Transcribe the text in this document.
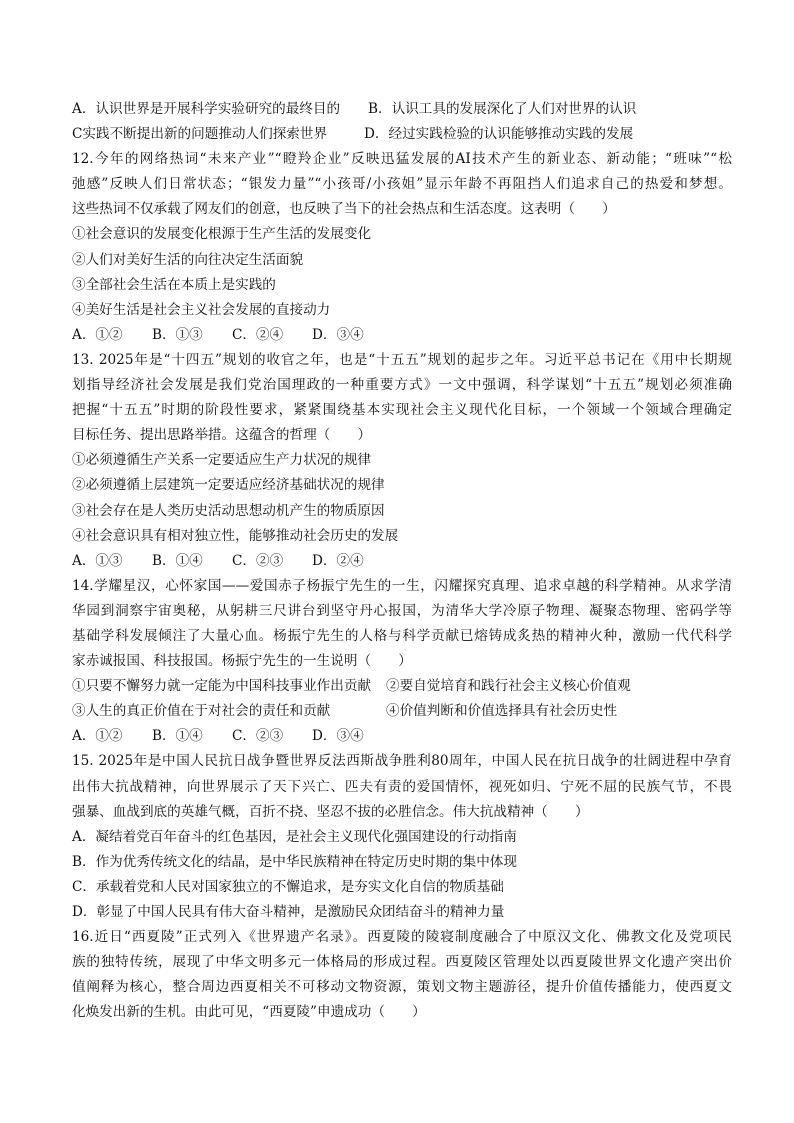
A．认识世界是开展科学实验研究的最终目的	B．认识工具的发展深化了人们对世界的认识
C实践不断提出新的问题推动人们探索世界	D．经过实践检验的认识能够推动实践的发展
12.今年的网络热词“未来产业”“瞪羚企业”反映迅猛发展的AI技术产生的新业态、新动能；“班味”“松
弛感”反映人们日常状态；“银发力量”“小孩哥/小孩姐”显示年龄不再阻挡人们追求自己的热爱和梦想。
这些热词不仅承载了网友们的创意，也反映了当下的社会热点和生活态度。这表明（　　）
①社会意识的发展变化根源于生产生活的发展变化
②人们对美好生活的向往决定生活面貌
③全部社会生活在本质上是实践的
④美好生活是社会主义社会发展的直接动力
A．①②	B．①③	C．②④	D．③④
13. 2025年是“十四五”规划的收官之年，也是“十五五”规划的起步之年。习近平总书记在《用中长期规
划指导经济社会发展是我们党治国理政的一种重要方式》一文中强调，科学谋划“十五五”规划必须准确
把握“十五五”时期的阶段性要求，紧紧围绕基本实现社会主义现代化目标，一个领域一个领域合理确定
目标任务、提出思路举措。这蕴含的哲理（　　）
①必须遵循生产关系一定要适应生产力状况的规律
②必须遵循上层建筑一定要适应经济基础状况的规律
③社会存在是人类历史活动思想动机产生的物质原因
④社会意识具有相对独立性，能够推动社会历史的发展
A．①③	B．①④	C．②③	D．②④
14.学耀星汉，心怀家国——爱国赤子杨振宁先生的一生，闪耀探究真理、追求卓越的科学精神。从求学清
华园到洞察宇宙奥秘，从躬耕三尺讲台到坚守丹心报国，为清华大学冷原子物理、凝聚态物理、密码学等
基础学科发展倾注了大量心血。杨振宁先生的人格与科学贡献已熔铸成炙热的精神火种，激励一代代科学
家赤诚报国、科技报国。杨振宁先生的一生说明（　　）
①只要不懈努力就一定能为中国科技事业作出贡献	②要自觉培育和践行社会主义核心价值观
③人生的真正价值在于对社会的责任和贡献	④价值判断和价值选择具有社会历史性
A．①②	B．①④	C．②③	D．③④
15. 2025年是中国人民抗日战争暨世界反法西斯战争胜利80周年，中国人民在抗日战争的壮阔进程中孕育
出伟大抗战精神，向世界展示了天下兴亡、匹夫有责的爱国情怀，视死如归、宁死不屈的民族气节，不畏
强暴、血战到底的英雄气概，百折不挠、坚忍不拔的必胜信念。伟大抗战精神（　　）
A．凝结着党百年奋斗的红色基因，是社会主义现代化强国建设的行动指南
B．作为优秀传统文化的结晶，是中华民族精神在特定历史时期的集中体现
C．承载着党和人民对国家独立的不懈追求，是夯实文化自信的物质基础
D．彰显了中国人民具有伟大奋斗精神，是激励民众团结奋斗的精神力量
16.近日“西夏陵”正式列入《世界遗产名录》。西夏陵的陵寝制度融合了中原汉文化、佛教文化及党项民
族的独特传统，展现了中华文明多元一体格局的形成过程。西夏陵区管理处以西夏陵世界文化遗产突出价
值阐释为核心，整合周边西夏相关不可移动文物资源，策划文物主题游径，提升价值传播能力，使西夏文
化焕发出新的生机。由此可见，“西夏陵”申遗成功（　　）
